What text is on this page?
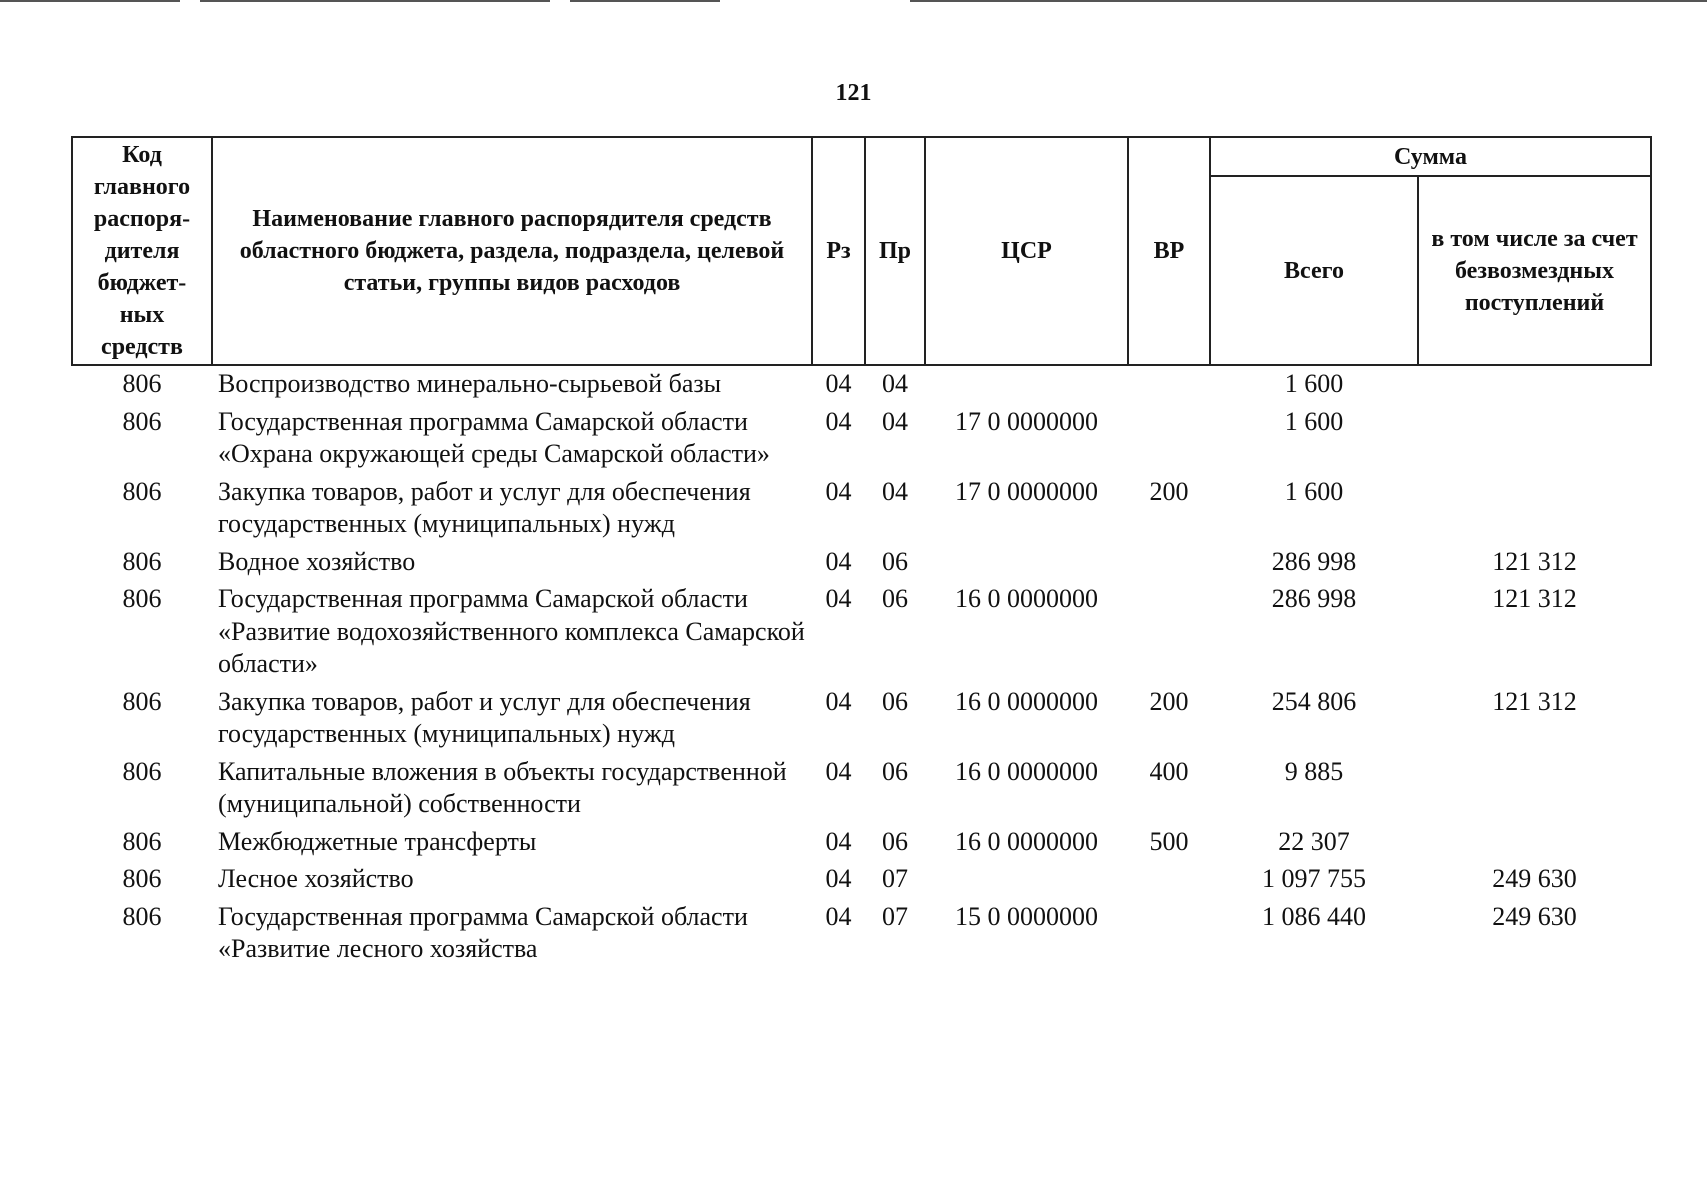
121
Код главного распоря-дителя бюджет-ных средств	Наименование главного распорядителя средств областного бюджета, раздела, подраздела, целевой статьи, группы видов расходов	Рз	Пр	ЦСР	ВР	Сумма	
						Всего	в том числе за счет безвозмездных поступлений
806	Воспроизводство минерально-сырьевой базы	04	04			1 600	
806	Государственная программа Самарской области «Охрана окружающей среды Самарской области»	04	04	17 0 0000000		1 600	
806	Закупка товаров, работ и услуг для обеспечения государственных (муниципальных) нужд	04	04	17 0 0000000	200	1 600	
806	Водное хозяйство	04	06			286 998	121 312
806	Государственная программа Самарской области «Развитие водохозяйственного комплекса Самарской области»	04	06	16 0 0000000		286 998	121 312
806	Закупка товаров, работ и услуг для обеспечения государственных (муниципальных) нужд	04	06	16 0 0000000	200	254 806	121 312
806	Капитальные вложения в объекты государственной (муниципальной) собственности	04	06	16 0 0000000	400	9 885	
806	Межбюджетные трансферты	04	06	16 0 0000000	500	22 307	
806	Лесное хозяйство	04	07			1 097 755	249 630
806	Государственная программа Самарской области «Развитие лесного хозяйства	04	07	15 0 0000000		1 086 440	249 630
